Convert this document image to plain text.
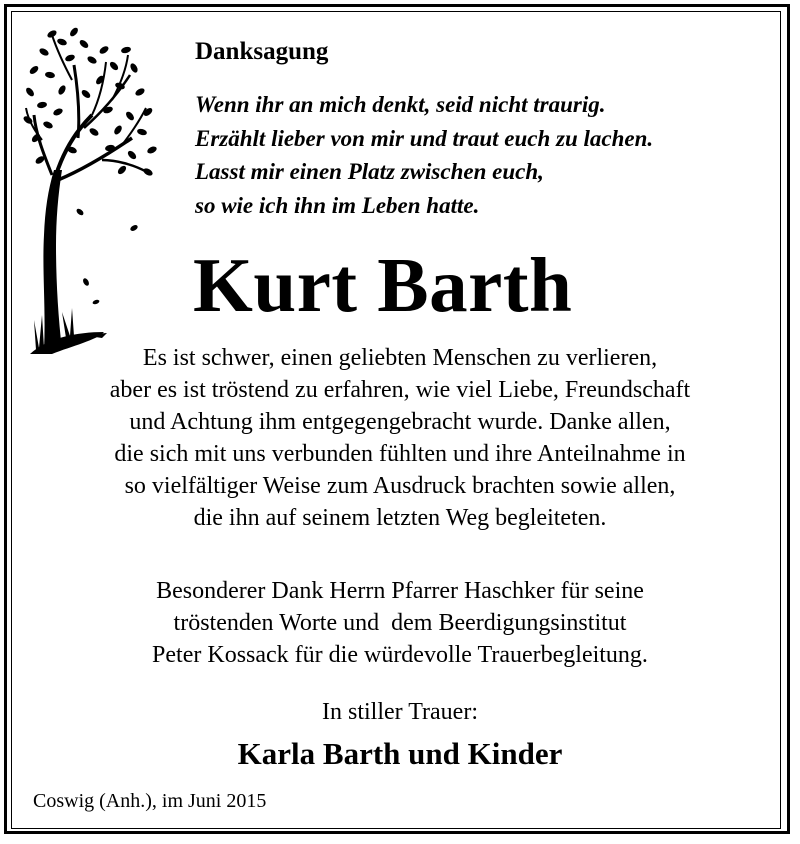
Danksagung
Wenn ihr an mich denkt, seid nicht traurig.
Erzählt lieber von mir und traut euch zu lachen.
Lasst mir einen Platz zwischen euch,
so wie ich ihn im Leben hatte.
Kurt Barth
Es ist schwer, einen geliebten Menschen zu verlieren,
aber es ist tröstend zu erfahren, wie viel Liebe, Freundschaft
und Achtung ihm entgegengebracht wurde. Danke allen,
die sich mit uns verbunden fühlten und ihre Anteilnahme in
so vielfältiger Weise zum Ausdruck brachten sowie allen,
die ihn auf seinem letzten Weg begleiteten.
Besonderer Dank Herrn Pfarrer Haschker für seine
tröstenden Worte und  dem Beerdigungsinstitut
Peter Kossack für die würdevolle Trauerbegleitung.
In stiller Trauer:
Karla Barth und Kinder
Coswig (Anh.), im Juni 2015
